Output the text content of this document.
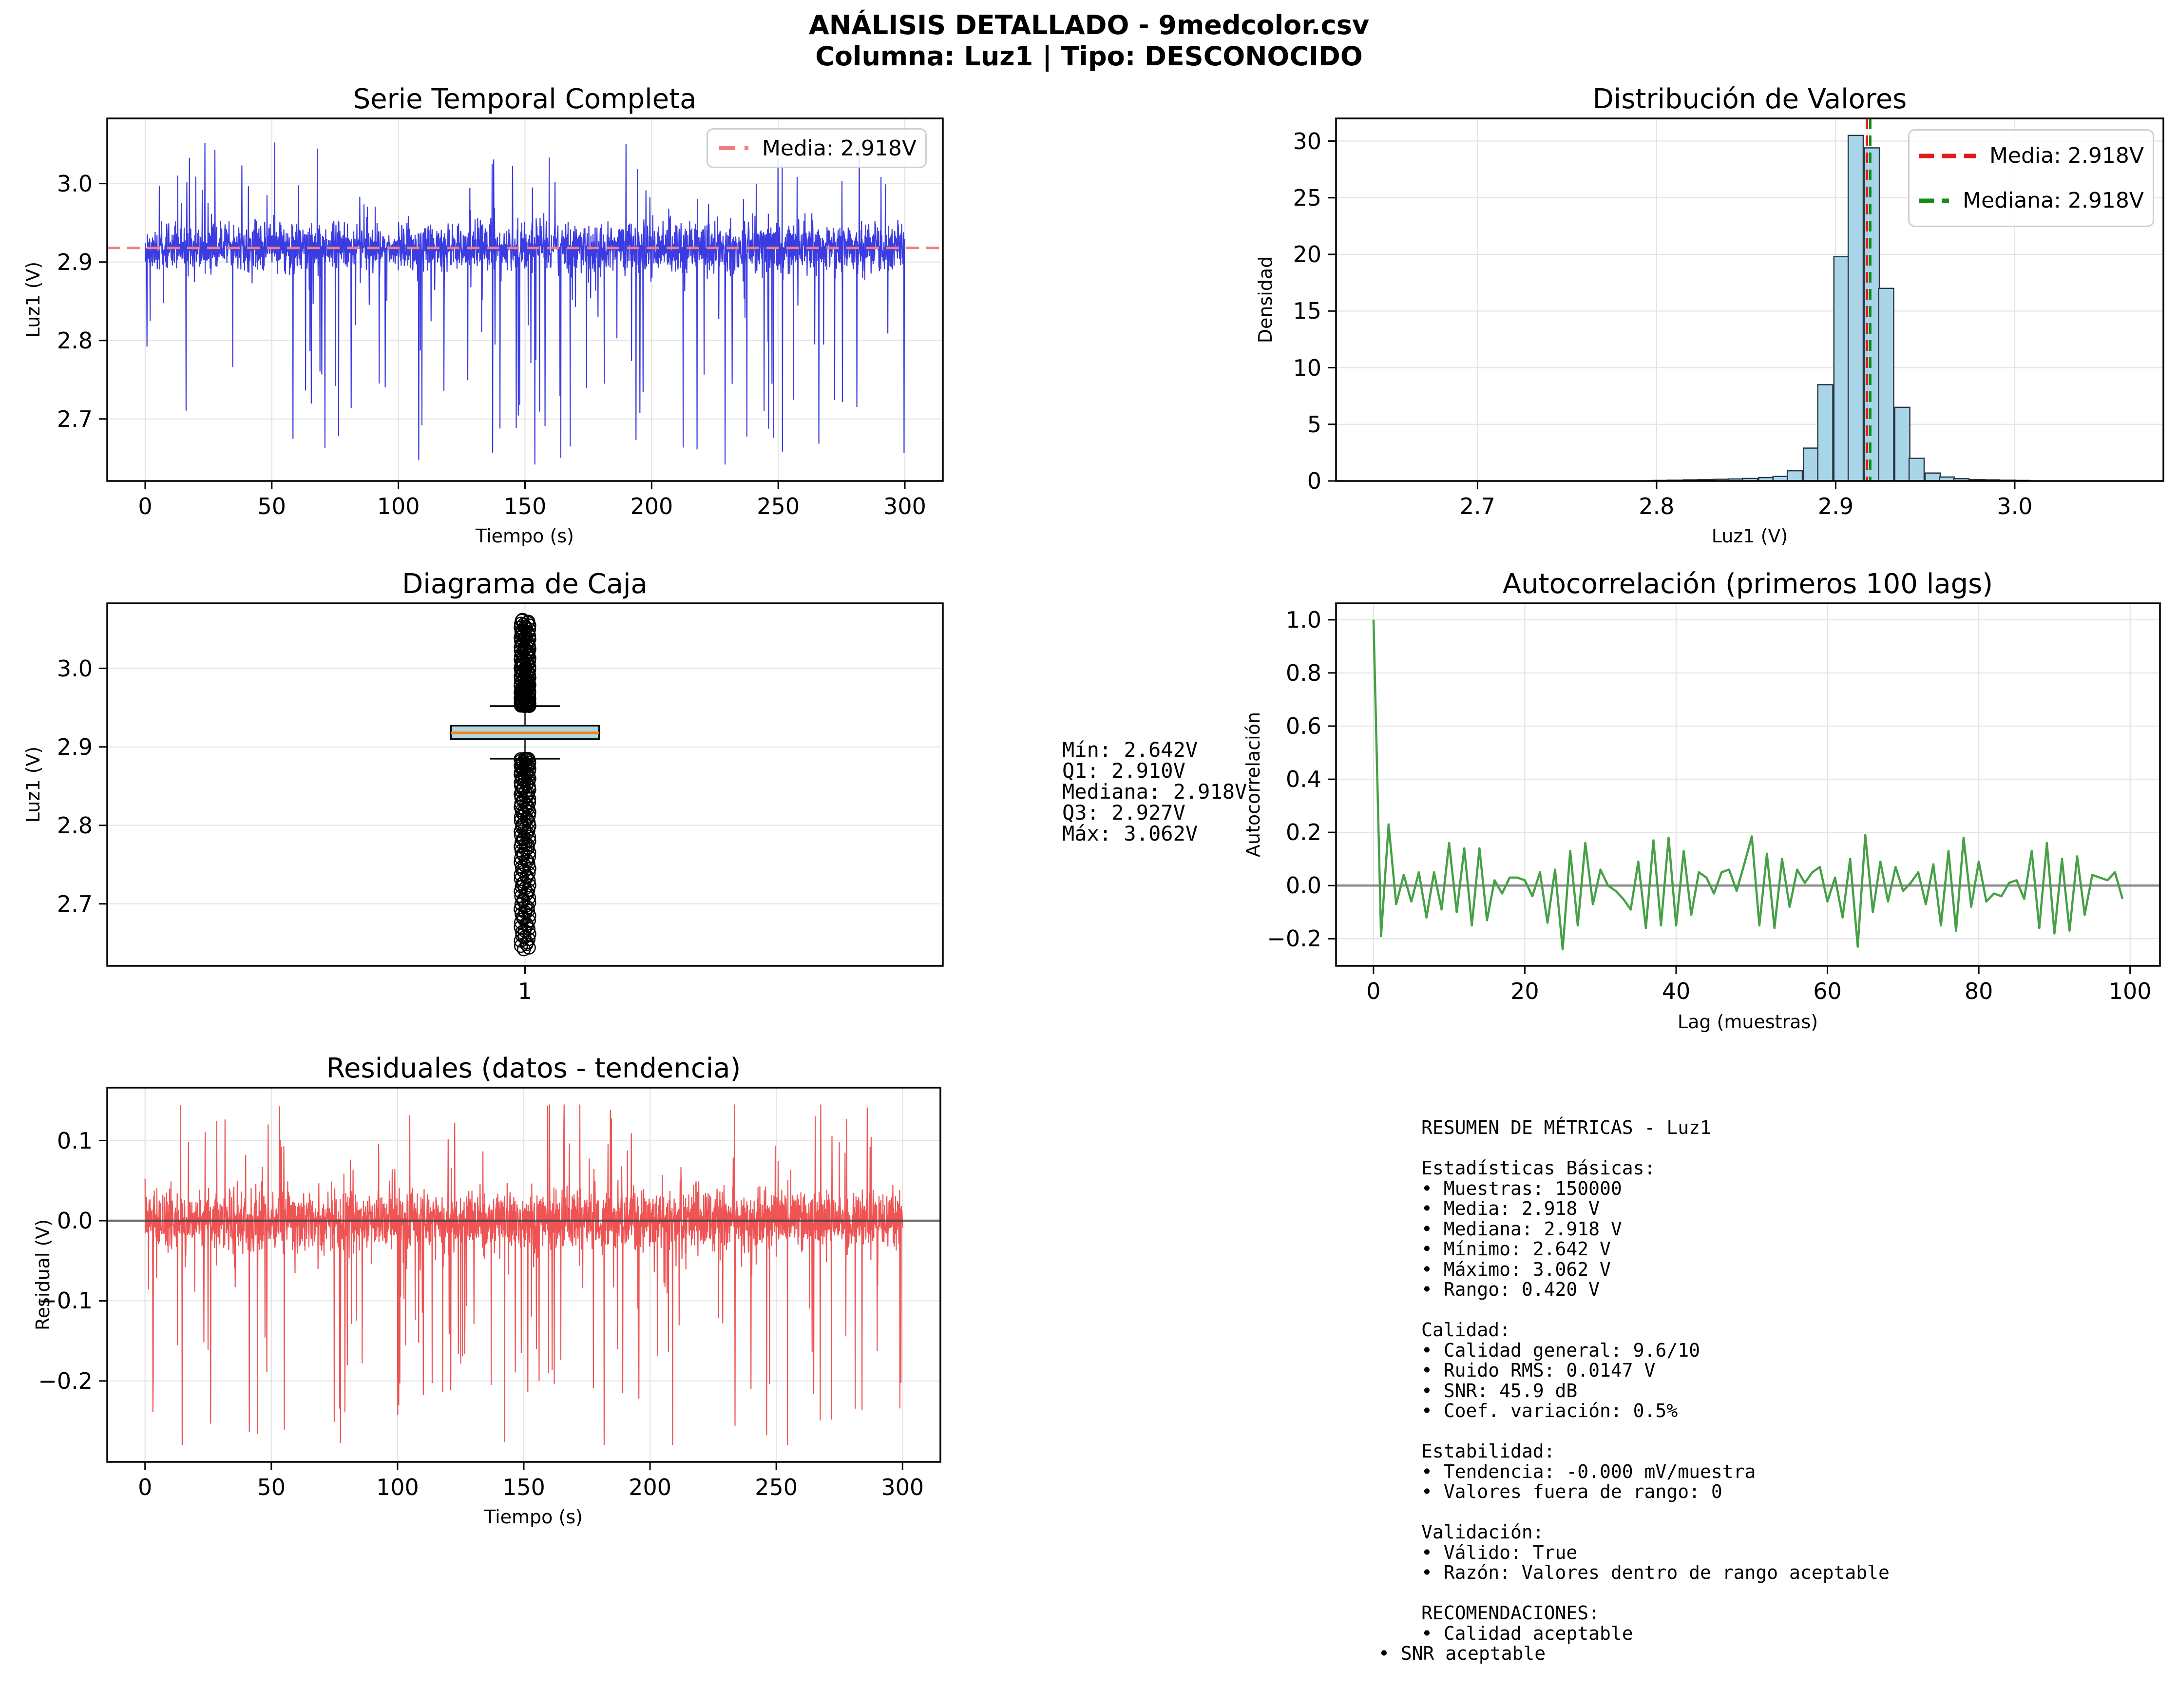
ANÁLISIS DETALLADO - 9medcolor.csv
Columna: Luz1 | Tipo: DESCONOCIDO
Serie Temporal Completa	Distribución de Valores
Diagrama de Caja	Autocorrelación (primeros 100 lags)
Residuales (datos - tendencia)
Tiempo (s)	Luz1 (V)
Lag (muestras)
Tiempo (s)
Luz1 (V)	Densidad
Luz1 (V)	Autocorrelación
Residual (V)
Media: 2.918V	Media: 2.918V
Mediana: 2.918V
Mín: 2.642V
Q1: 2.910V
Mediana: 2.918V
Q3: 2.927V
Máx: 3.062V
RESUMEN DE MÉTRICAS - Luz1

Estadísticas Básicas:
• Muestras: 150000
• Media: 2.918 V
• Mediana: 2.918 V
• Mínimo: 2.642 V
• Máximo: 3.062 V
• Rango: 0.420 V

Calidad:
• Calidad general: 9.6/10
• Ruido RMS: 0.0147 V
• SNR: 45.9 dB
• Coef. variación: 0.5%

Estabilidad:
• Tendencia: -0.000 mV/muestra
• Valores fuera de rango: 0

Validación:
• Válido: True
• Razón: Valores dentro de rango aceptable

RECOMENDACIONES:
• Calidad aceptable
• SNR aceptable
0	50	100	150	200	250	300
2.7
2.8
2.9
3.0
2.7	2.8	2.9	3.0
0
5
10
15
20
25
30
1
2.7
2.8
2.9
3.0
0	20	40	60	80	100
1.0
0.8
0.6
0.4
0.2
0.0
−0.2
0	50	100	150	200	250	300
0.1
0.0
−0.1
−0.2
